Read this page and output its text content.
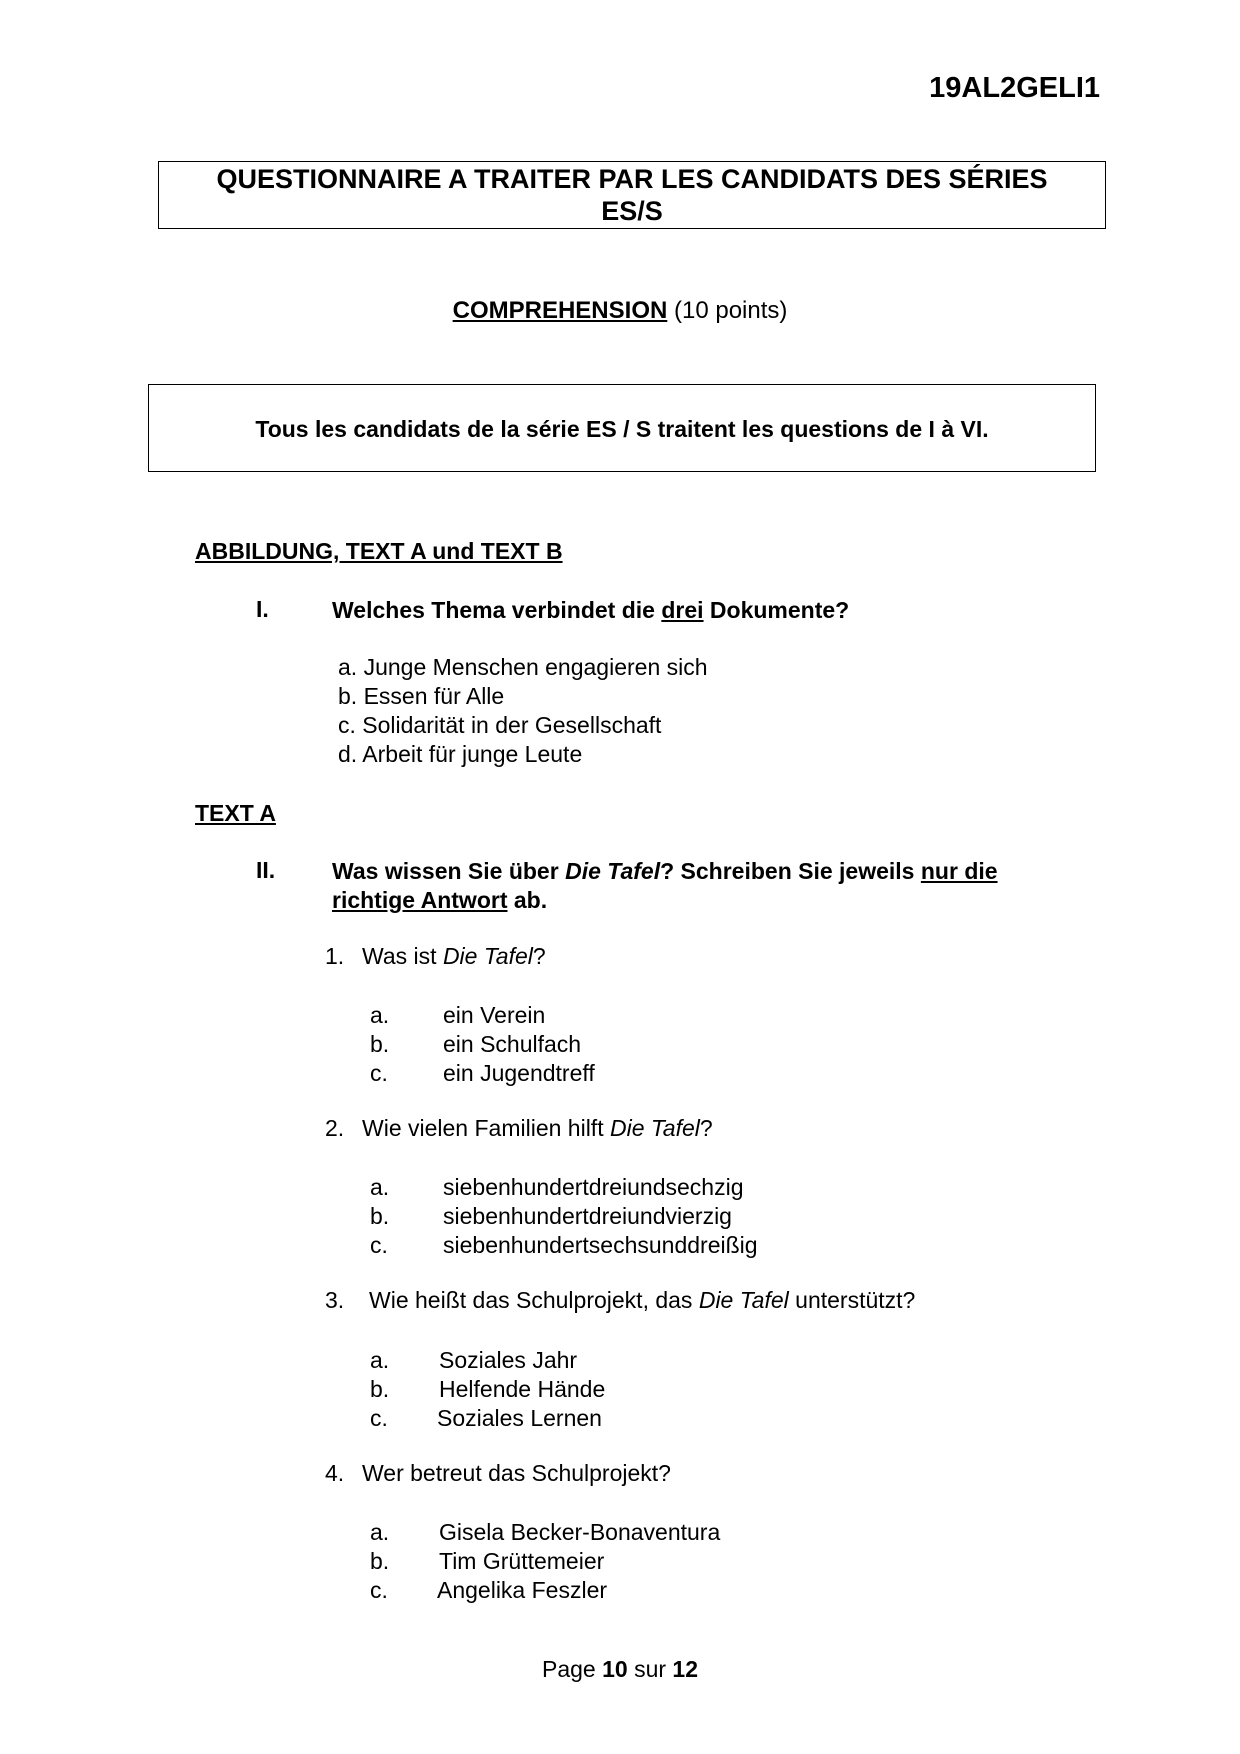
19AL2GELI1
QUESTIONNAIRE A TRAITER PAR LES CANDIDATS DES SÉRIES
ES/S
COMPREHENSION (10 points)
Tous les candidats de la série ES / S traitent les questions de I à VI.
ABBILDUNG, TEXT A und TEXT B
I.	Welches Thema verbindet die drei Dokumente?
a. Junge Menschen engagieren sich
b. Essen für Alle
c. Solidarität in der Gesellschaft
d. Arbeit für junge Leute
TEXT A
II. Was wissen Sie über Die Tafel? Schreiben Sie jeweils nur die
richtige Antwort ab.
1. Was ist Die Tafel?
a. ein Verein
b. ein Schulfach
c. ein Jugendtreff
2. Wie vielen Familien hilft Die Tafel?
a. siebenhundertdreiundsechzig
b. siebenhundertdreiundvierzig
c. siebenhundertsechsunddreißig
3. Wie heißt das Schulprojekt, das Die Tafel unterstützt?
a. Soziales Jahr
b. Helfende Hände
c. Soziales Lernen
4. Wer betreut das Schulprojekt?
a. Gisela Becker-Bonaventura
b. Tim Grüttemeier
c. Angelika Feszler
Page 10 sur 12
